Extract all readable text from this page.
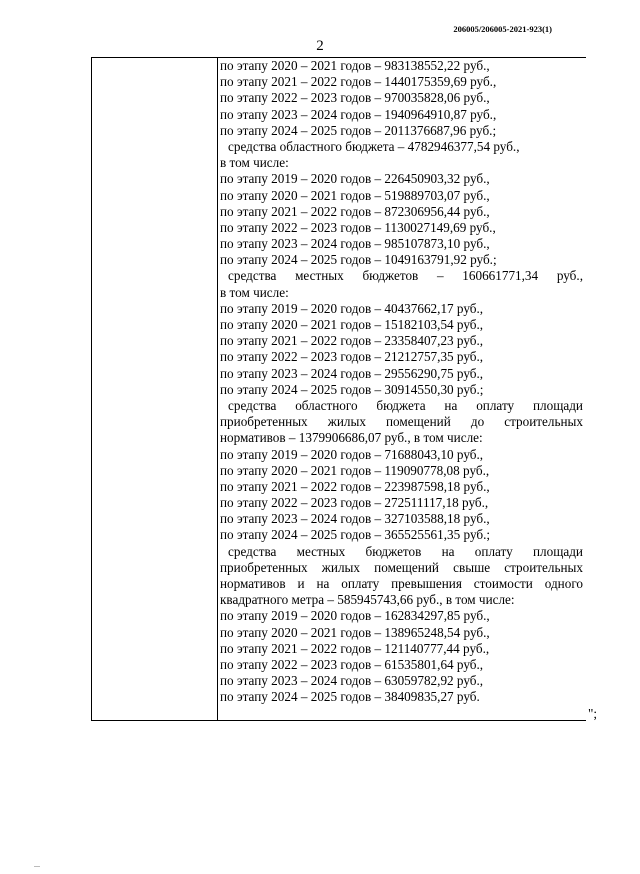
206005/206005-2021-923(1)
2
по этапу 2020 – 2021 годов – 983138552,22 руб.,
по этапу 2021 – 2022 годов – 1440175359,69 руб.,
по этапу 2022 – 2023 годов – 970035828,06 руб.,
по этапу 2023 – 2024 годов – 1940964910,87 руб.,
по этапу 2024 – 2025 годов – 2011376687,96 руб.;
средства областного бюджета – 4782946377,54 руб.,
в том числе:
по этапу 2019 – 2020 годов – 226450903,32 руб.,
по этапу 2020 – 2021 годов – 519889703,07 руб.,
по этапу 2021 – 2022 годов – 872306956,44 руб.,
по этапу 2022 – 2023 годов – 1130027149,69 руб.,
по этапу 2023 – 2024 годов – 985107873,10 руб.,
по этапу 2024 – 2025 годов – 1049163791,92 руб.;
средства местных бюджетов – 160661771,34 руб.,
в том числе:
по этапу 2019 – 2020 годов – 40437662,17 руб.,
по этапу 2020 – 2021 годов – 15182103,54 руб.,
по этапу 2021 – 2022 годов – 23358407,23 руб.,
по этапу 2022 – 2023 годов – 21212757,35 руб.,
по этапу 2023 – 2024 годов – 29556290,75 руб.,
по этапу 2024 – 2025 годов – 30914550,30 руб.;
средства областного бюджета на оплату площади
приобретенных жилых помещений до строительных
нормативов – 1379906686,07 руб., в том числе:
по этапу 2019 – 2020 годов – 71688043,10 руб.,
по этапу 2020 – 2021 годов – 119090778,08 руб.,
по этапу 2021 – 2022 годов – 223987598,18 руб.,
по этапу 2022 – 2023 годов – 272511117,18 руб.,
по этапу 2023 – 2024 годов – 327103588,18 руб.,
по этапу 2024 – 2025 годов – 365525561,35 руб.;
средства местных бюджетов на оплату площади
приобретенных жилых помещений свыше строительных
нормативов и на оплату превышения стоимости одного
квадратного метра – 585945743,66 руб., в том числе:
по этапу 2019 – 2020 годов – 162834297,85 руб.,
по этапу 2020 – 2021 годов – 138965248,54 руб.,
по этапу 2021 – 2022 годов – 121140777,44 руб.,
по этапу 2022 – 2023 годов – 61535801,64 руб.,
по этапу 2023 – 2024 годов – 63059782,92 руб.,
по этапу 2024 – 2025 годов – 38409835,27 руб.
";
